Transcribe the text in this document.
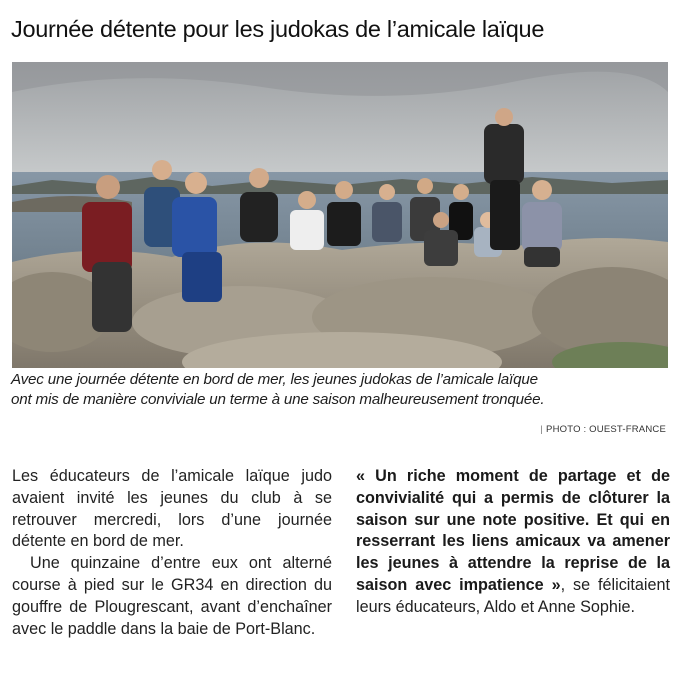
Journée détente pour les judokas de l’amicale laïque

Avec une journée détente en bord de mer, les jeunes judokas de l’amicale laïque

ont mis de manière conviviale un terme à une saison malheureusement tronquée.

| PHOTO : OUEST-FRANCE

Les éducateurs de l’amicale laïque judo avaient invité les jeunes du club à se retrouver mercredi, lors d’une journée détente en bord de mer.

Une quinzaine d’entre eux ont alterné course à pied sur le GR34 en direction du gouffre de Plougrescant, avant d’enchaîner avec le paddle dans la baie de Port-Blanc.

« Un riche moment de partage et de convivialité qui a permis de clôturer la saison sur une note positive. Et qui en resserrant les liens amicaux va amener les jeunes à attendre la reprise de la saison avec impatience », se félicitaient leurs éducateurs, Aldo et Anne Sophie.
